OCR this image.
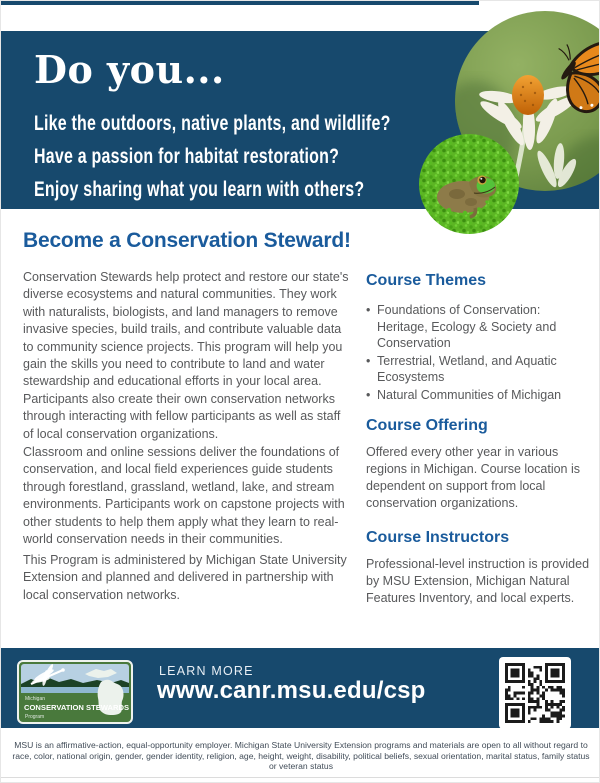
Do you...
Like the outdoors, native plants, and wildlife?
Have a passion for habitat restoration?
Enjoy sharing what you learn with others?
Become a Conservation Steward!

Conservation Stewards help protect and restore our state's diverse ecosystems and natural communities. They work with naturalists, biologists, and land managers to remove invasive species, build trails, and contribute valuable data to community science projects. This program will help you gain the skills you need to contribute to land and water stewardship and educational efforts in your local area. Participants also create their own conservation networks through interacting with fellow participants as well as staff of local conservation organizations.

Classroom and online sessions deliver the foundations of conservation, and local field experiences guide students through forestland, grassland, wetland, lake, and stream environments. Participants work on capstone projects with other students to help them apply what they learn to real-world conservation needs in their communities.

This Program is administered by Michigan State University Extension and planned and delivered in partnership with local conservation networks.

Course Themes
• Foundations of Conservation: Heritage, Ecology & Society and Conservation
• Terrestrial, Wetland, and Aquatic Ecosystems
• Natural Communities of Michigan
Course Offering

Offered every other year in various regions in Michigan. Course location is dependent on support from local conservation organizations.

Course Instructors

Professional-level instruction is provided by MSU Extension, Michigan Natural Features Inventory, and local experts.

Michigan
CONSERVATION STEWARDS
Program
LEARN MORE
www.canr.msu.edu/csp
MSU is an affirmative-action, equal-opportunity employer. Michigan State University Extension programs and materials are open to all without regard to race, color, national origin, gender, gender identity, religion, age, height, weight, disability, political beliefs, sexual orientation, marital status, family status or veteran status
